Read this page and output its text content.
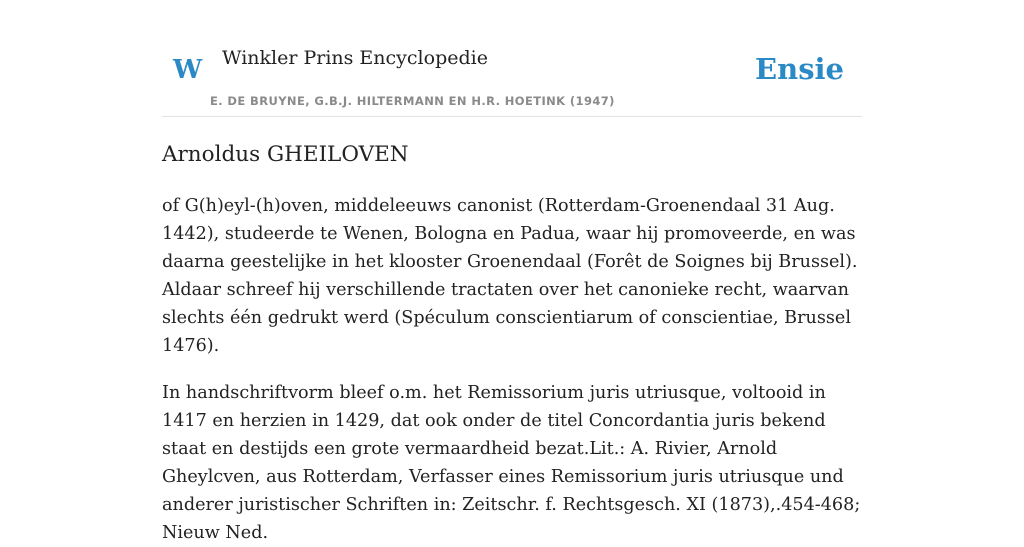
W Winkler Prins Encyclopedie
E. DE BRUYNE, G.B.J. HILTERMANN EN H.R. HOETINK (1947)
Ensie
Arnoldus GHEILOVEN

of G(h)eyl-(h)oven, middeleeuws canonist (Rotterdam-Groenendaal 31 Aug. 1442), studeerde te Wenen, Bologna en Padua, waar hij promoveerde, en was daarna geestelijke in het klooster Groenendaal (Forêt de Soignes bij Brussel). Aldaar schreef hij verschillende tractaten over het canonieke recht, waarvan slechts één gedrukt werd (Spéculum conscientiarum of conscientiae, Brussel 1476).

In handschriftvorm bleef o.m. het Remissorium juris utriusque, voltooid in 1417 en herzien in 1429, dat ook onder de titel Concordantia juris bekend staat en destijds een grote vermaardheid bezat.Lit.: A. Rivier, Arnold Gheylcven, aus Rotterdam, Verfasser eines Remissorium juris utriusque und anderer juristischer Schriften in: Zeitschr. f. Rechtsgesch. XI (1873),.454-468; Nieuw Ned.
